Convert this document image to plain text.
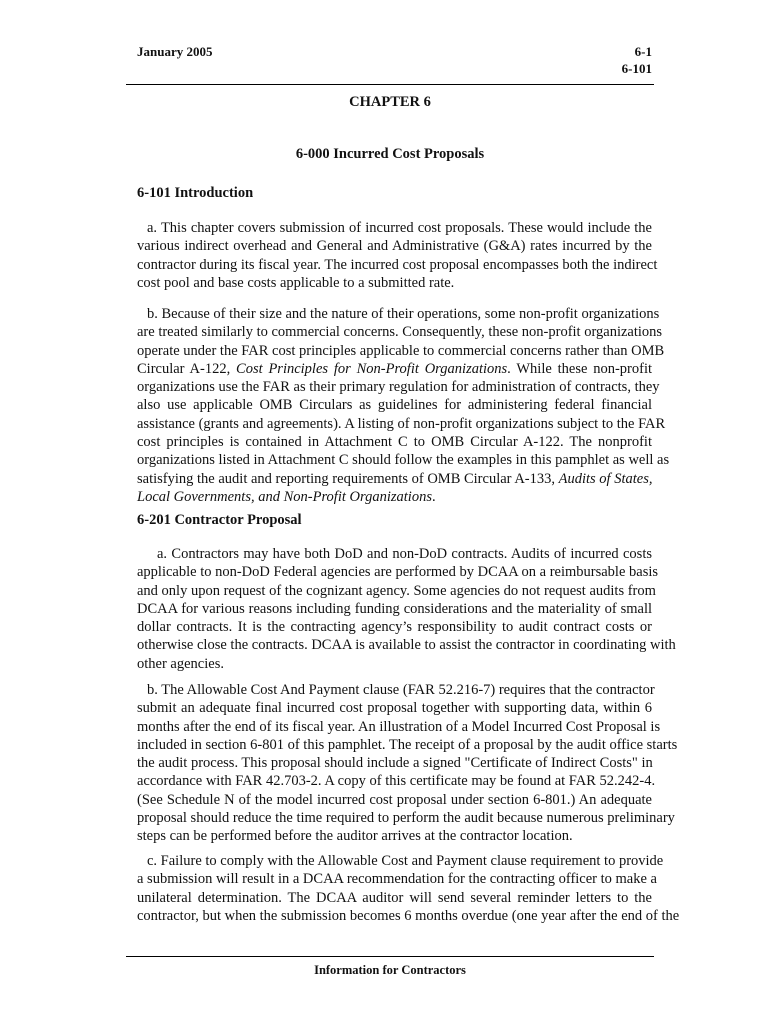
January 2005	6-1
6-101
CHAPTER 6
6-000 Incurred Cost Proposals
6-101 Introduction
a. This chapter covers submission of incurred cost proposals. These would include the
various indirect overhead and General and Administrative (G&A) rates incurred by the
contractor during its fiscal year. The incurred cost proposal encompasses both the indirect
cost pool and base costs applicable to a submitted rate.
b. Because of their size and the nature of their operations, some non-profit organizations
are treated similarly to commercial concerns. Consequently, these non-profit organizations
operate under the FAR cost principles applicable to commercial concerns rather than OMB
Circular A-122, Cost Principles for Non-Profit Organizations. While these non-profit
organizations use the FAR as their primary regulation for administration of contracts, they
also use applicable OMB Circulars as guidelines for administering federal financial
assistance (grants and agreements). A listing of non-profit organizations subject to the FAR
cost principles is contained in Attachment C to OMB Circular A-122. The nonprofit
organizations listed in Attachment C should follow the examples in this pamphlet as well as
satisfying the audit and reporting requirements of OMB Circular A-133, Audits of States,
Local Governments, and Non-Profit Organizations.
6-201 Contractor Proposal
a. Contractors may have both DoD and non-DoD contracts. Audits of incurred costs
applicable to non-DoD Federal agencies are performed by DCAA on a reimbursable basis
and only upon request of the cognizant agency. Some agencies do not request audits from
DCAA for various reasons including funding considerations and the materiality of small
dollar contracts. It is the contracting agency’s responsibility to audit contract costs or
otherwise close the contracts. DCAA is available to assist the contractor in coordinating with
other agencies.
b. The Allowable Cost And Payment clause (FAR 52.216-7) requires that the contractor
submit an adequate final incurred cost proposal together with supporting data, within 6
months after the end of its fiscal year. An illustration of a Model Incurred Cost Proposal is
included in section 6-801 of this pamphlet. The receipt of a proposal by the audit office starts
the audit process. This proposal should include a signed "Certificate of Indirect Costs" in
accordance with FAR 42.703-2. A copy of this certificate may be found at FAR 52.242-4.
(See Schedule N of the model incurred cost proposal under section 6-801.) An adequate
proposal should reduce the time required to perform the audit because numerous preliminary
steps can be performed before the auditor arrives at the contractor location.
c. Failure to comply with the Allowable Cost and Payment clause requirement to provide
a submission will result in a DCAA recommendation for the contracting officer to make a
unilateral determination. The DCAA auditor will send several reminder letters to the
contractor, but when the submission becomes 6 months overdue (one year after the end of the
Information for Contractors
